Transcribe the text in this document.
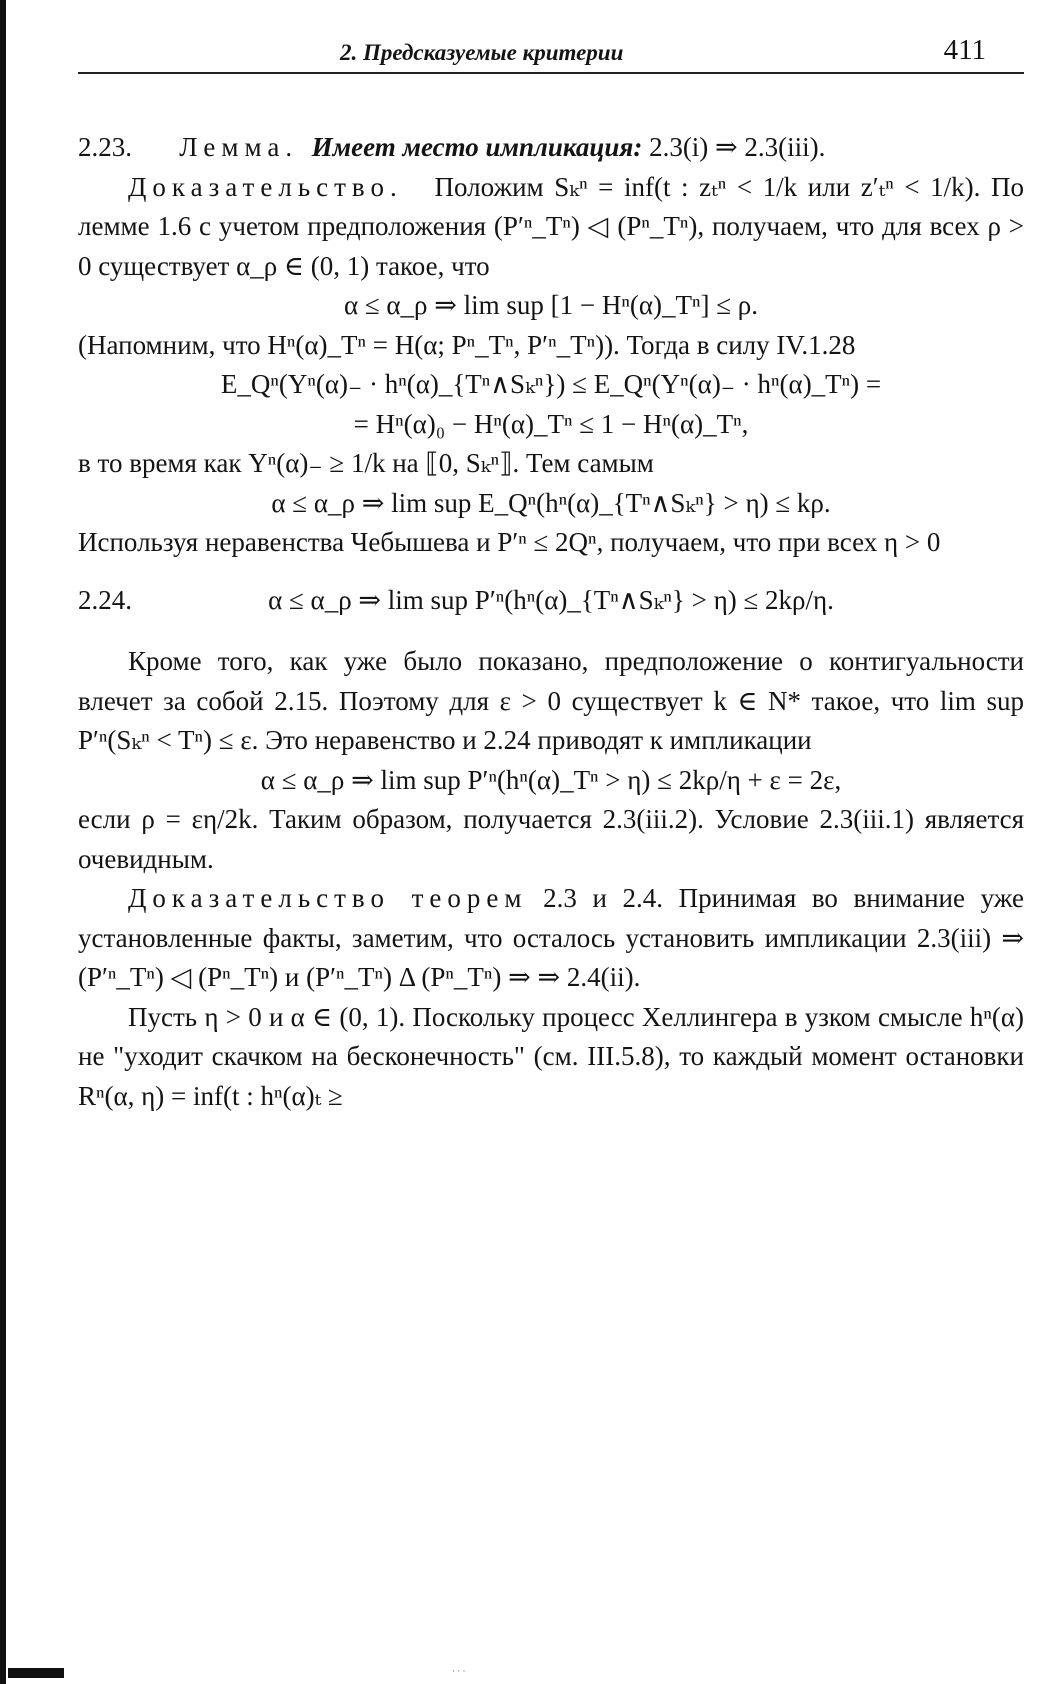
2. Предсказуемые критерии	411

2.23. Лемма. Имеет место импликация: 2.3(i) ⇒ 2.3(iii).

Доказательство. Положим Sₖⁿ = inf(t : zₜⁿ < 1/k или z′ₜⁿ < 1/k). По лемме 1.6 с учетом предположения (P′ⁿ_Tⁿ) ◁ (Pⁿ_Tⁿ), получаем, что для всех ρ > 0 существует α_ρ ∈ (0, 1) такое, что

α ≤ α_ρ ⇒ lim sup [1 − Hⁿ(α)_Tⁿ] ≤ ρ.

(Напомним, что Hⁿ(α)_Tⁿ = H(α; Pⁿ_Tⁿ, P′ⁿ_Tⁿ)). Тогда в силу IV.1.28

E_Qⁿ(Yⁿ(α)₋ · hⁿ(α)_{Tⁿ∧Sₖⁿ}) ≤ E_Qⁿ(Yⁿ(α)₋ · hⁿ(α)_Tⁿ) =

= Hⁿ(α)₀ − Hⁿ(α)_Tⁿ ≤ 1 − Hⁿ(α)_Tⁿ,

в то время как Yⁿ(α)₋ ≥ 1/k на ⟦0, Sₖⁿ⟧. Тем самым

α ≤ α_ρ ⇒ lim sup E_Qⁿ(hⁿ(α)_{Tⁿ∧Sₖⁿ} > η) ≤ kρ.

Используя неравенства Чебышева и P′ⁿ ≤ 2Qⁿ, получаем, что при всех η > 0

2.24.	α ≤ α_ρ ⇒ lim sup P′ⁿ(hⁿ(α)_{Tⁿ∧Sₖⁿ} > η) ≤ 2kρ/η.

Кроме того, как уже было показано, предположение о контигуальности влечет за собой 2.15. Поэтому для ε > 0 существует k ∈ N* такое, что lim sup P′ⁿ(Sₖⁿ < Tⁿ) ≤ ε. Это неравенство и 2.24 приводят к импликации

α ≤ α_ρ ⇒ lim sup P′ⁿ(hⁿ(α)_Tⁿ > η) ≤ 2kρ/η + ε = 2ε,

если ρ = εη/2k. Таким образом, получается 2.3(iii.2). Условие 2.3(iii.1) является очевидным.

Доказательство теорем 2.3 и 2.4. Принимая во внимание уже установленные факты, заметим, что осталось установить импликации 2.3(iii) ⇒ (P′ⁿ_Tⁿ) ◁ (Pⁿ_Tⁿ) и (P′ⁿ_Tⁿ) Δ (Pⁿ_Tⁿ) ⇒ ⇒ 2.4(ii).

Пусть η > 0 и α ∈ (0, 1). Поскольку процесс Хеллингера в узком смысле hⁿ(α) не "уходит скачком на бесконечность" (см. III.5.8), то каждый момент остановки Rⁿ(α, η) = inf(t : hⁿ(α)ₜ ≥

· · ·
